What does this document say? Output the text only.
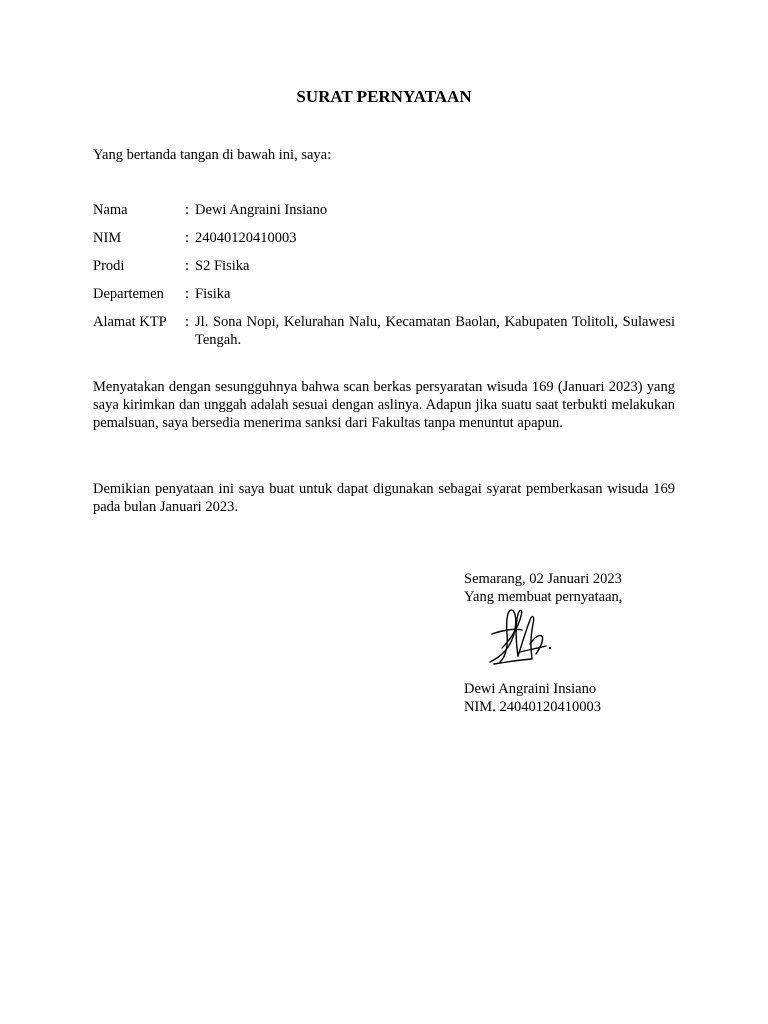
SURAT PERNYATAAN
Yang bertanda tangan di bawah ini, saya:
Nama	: Dewi Angraini Insiano
NIM	: 24040120410003
Prodi	: S2 Fisika
Departemen	: Fisika
Alamat KTP	: Jl. Sona Nopi, Kelurahan Nalu, Kecamatan Baolan, Kabupaten Tolitoli, Sulawesi Tengah.
Menyatakan dengan sesungguhnya bahwa scan berkas persyaratan wisuda 169 (Januari 2023) yang saya kirimkan dan unggah adalah sesuai dengan aslinya. Adapun jika suatu saat terbukti melakukan pemalsuan, saya bersedia menerima sanksi dari Fakultas tanpa menuntut apapun.
Demikian penyataan ini saya buat untuk dapat digunakan sebagai syarat pemberkasan wisuda 169 pada bulan Januari 2023.
Semarang, 02 Januari 2023
Yang membuat pernyataan,
Dewi Angraini Insiano
NIM. 24040120410003
